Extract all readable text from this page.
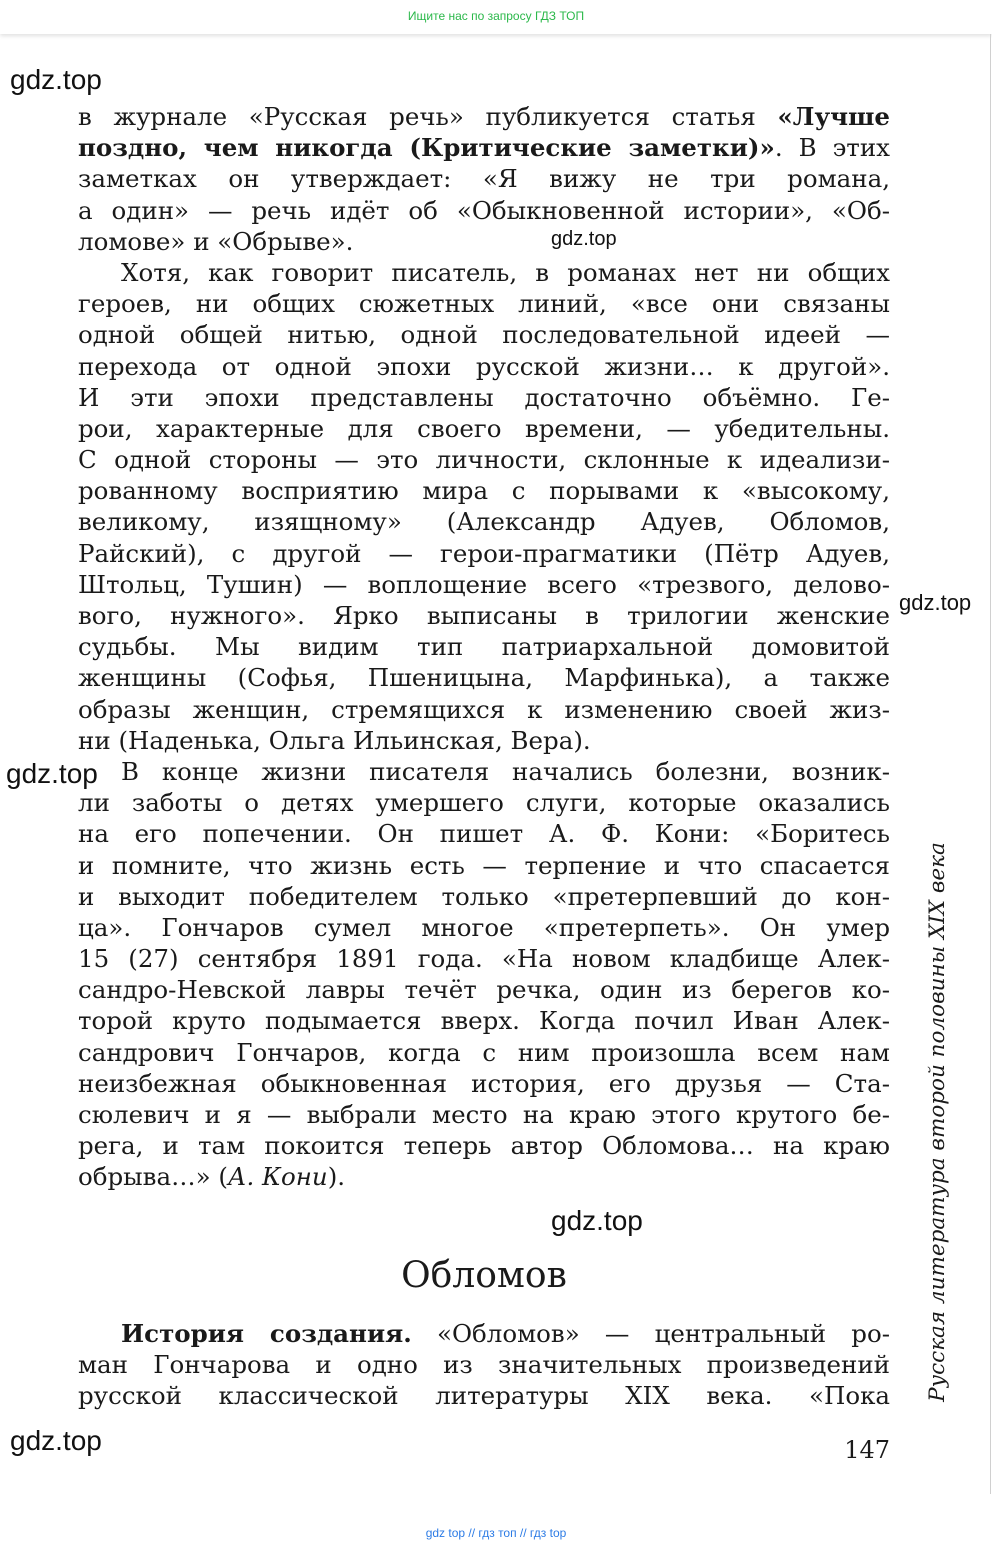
Ищите нас по запросу ГДЗ ТОП
gdz.top
gdz.top
gdz.top
gdz.top
gdz.top
gdz.top
в журнале «Русская речь» публикуется статья «Лучше
поздно, чем никогда (Критические заметки)». В этих
заметках он утверждает: «Я вижу не три романа,
а один» — речь идёт об «Обыкновенной истории», «Об-
ломове» и «Обрыве».
Хотя, как говорит писатель, в романах нет ни общих
героев, ни общих сюжетных линий, «все они связаны
одной общей нитью, одной последовательной идеей —
перехода от одной эпохи русской жизни… к другой».
И эти эпохи представлены достаточно объёмно. Ге-
рои, характерные для своего времени, — убедительны.
С одной стороны — это личности, склонные к идеализи-
рованному восприятию мира с порывами к «высокому,
великому, изящному» (Александр Адуев, Обломов,
Райский), с другой — герои-прагматики (Пётр Адуев,
Штольц, Тушин) — воплощение всего «трезвого, делово-
вого, нужного». Ярко выписаны в трилогии женские
судьбы. Мы видим тип патриархальной домовитой
женщины (Софья, Пшеницына, Марфинька), а также
образы женщин, стремящихся к изменению своей жиз-
ни (Наденька, Ольга Ильинская, Вера).
В конце жизни писателя начались болезни, возник-
ли заботы о детях умершего слуги, которые оказались
на его попечении. Он пишет А. Ф. Кони: «Боритесь
и помните, что жизнь есть — терпение и что спасается
и выходит победителем только «претерпевший до кон-
ца». Гончаров сумел многое «претерпеть». Он умер
15 (27) сентября 1891 года. «На новом кладбище Алек-
сандро-Невской лавры течёт речка, один из берегов ко-
торой круто подымается вверх. Когда почил Иван Алек-
сандрович Гончаров, когда с ним произошла всем нам
неизбежная обыкновенная история, его друзья — Ста-
сюлевич и я — выбрали место на краю этого крутого бе-
рега, и там покоится теперь автор Обломова… на краю
обрыва…» (А. Кони).
Обломов
История создания. «Обломов» — центральный ро-
ман Гончарова и одно из значительных произведений
русской классической литературы XIX века. «Пока	Русская литература второй половины XIX века
147
gdz top // гдз топ // гдз top
